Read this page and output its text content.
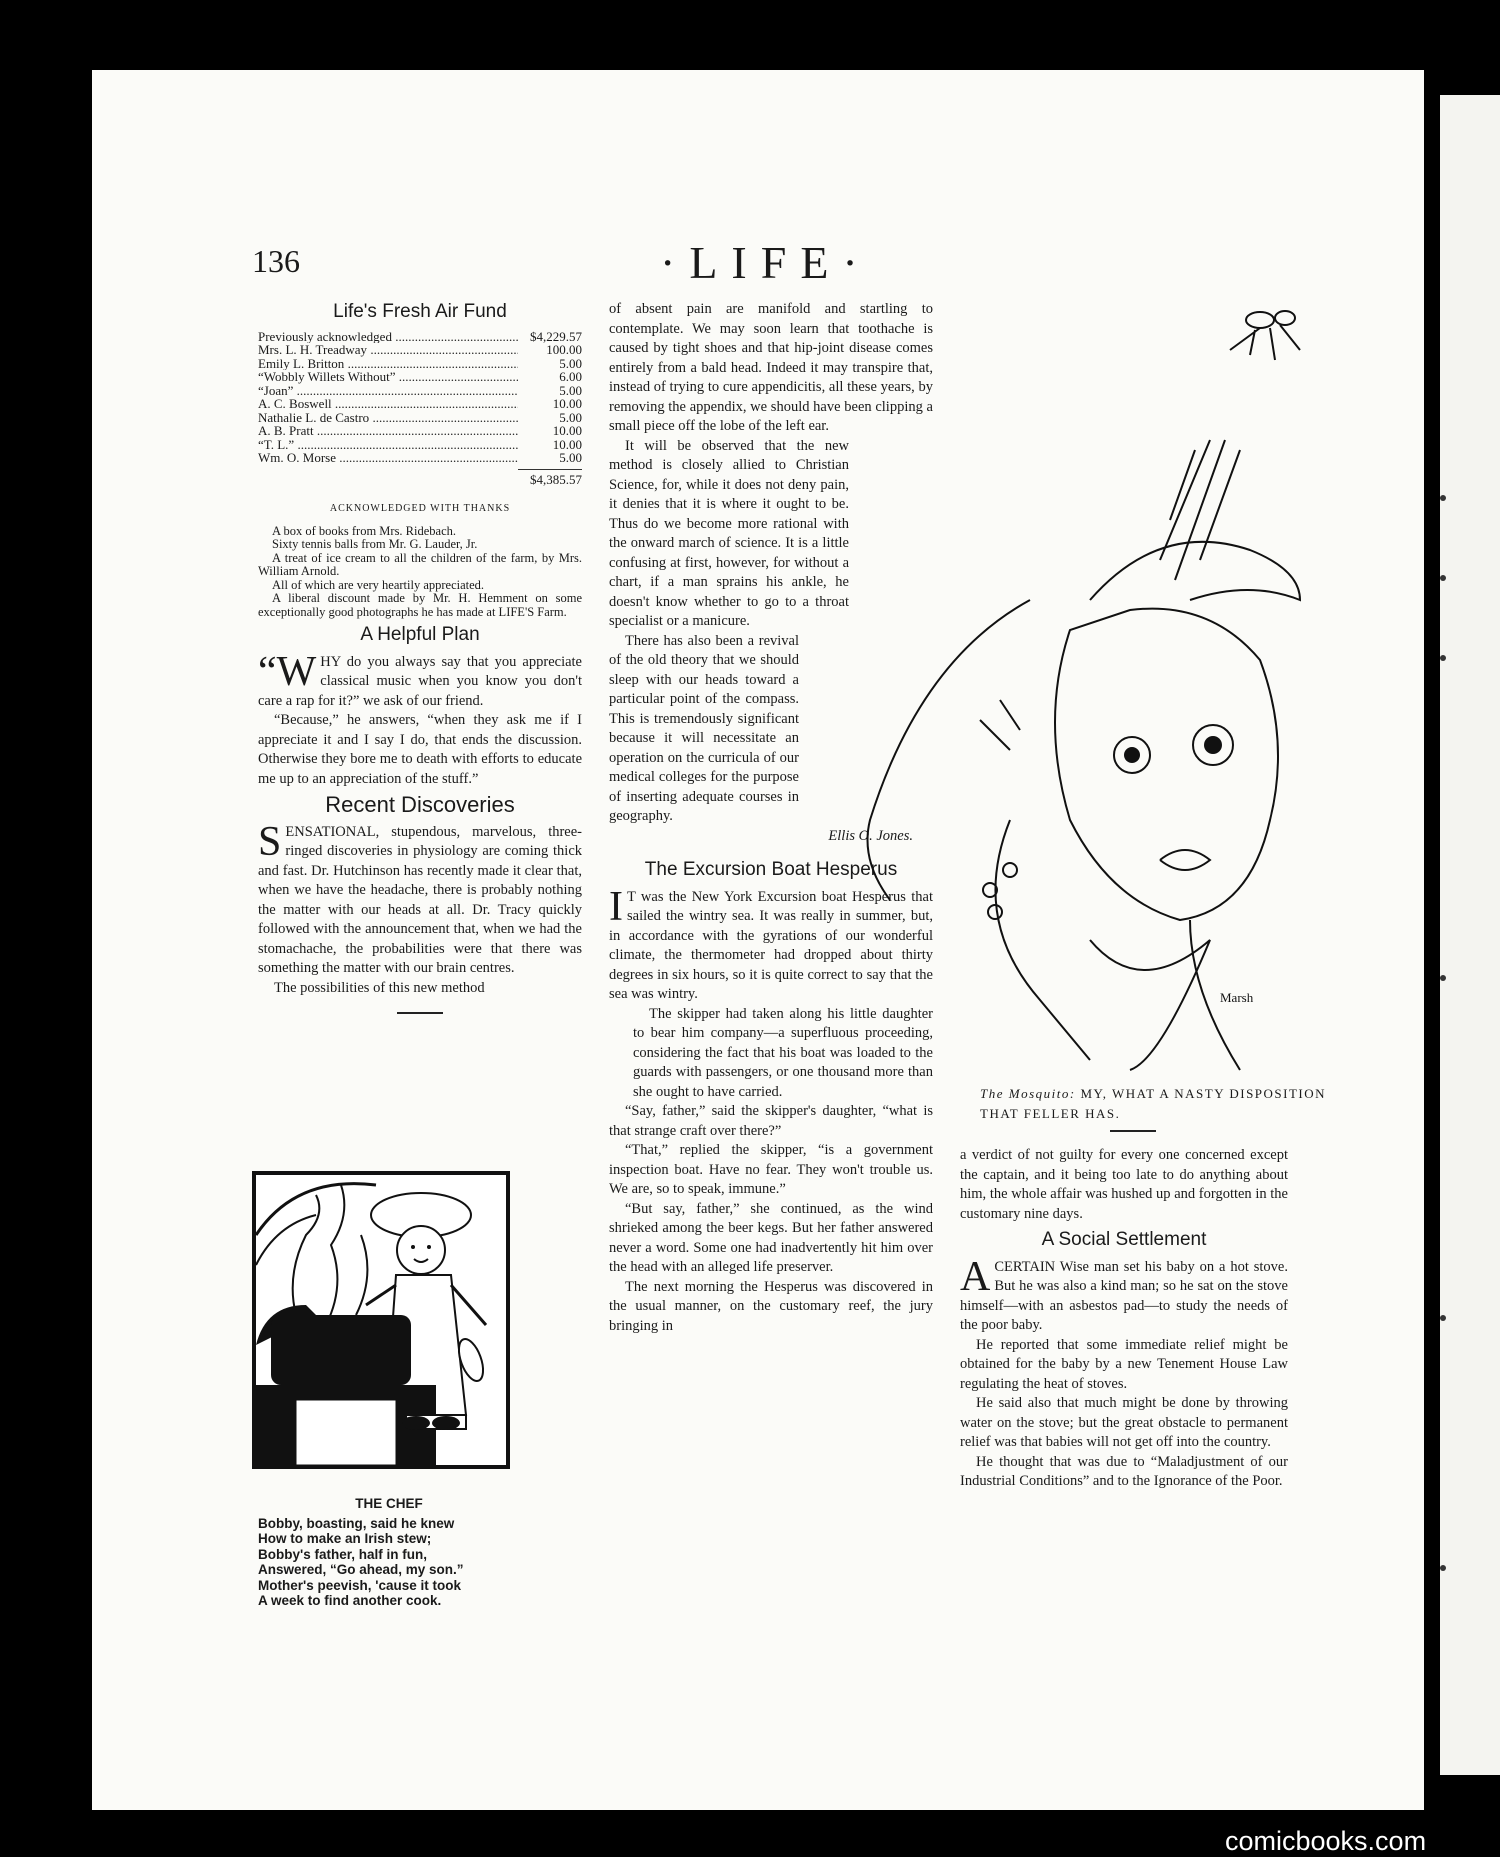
136	·LIFE·
Life's Fresh Air Fund
Previously acknowledged .....	$4,229.57
Mrs. L. H. Treadway .....	100.00
Emily L. Britton .....	5.00
“Wobbly Willets Without” .....	6.00
“Joan” .....	5.00
A. C. Boswell .....	10.00
Nathalie L. de Castro .....	5.00
A. B. Pratt .....	10.00
“T. L.” .....	10.00
Wm. O. Morse .....	5.00
$4,385.57
ACKNOWLEDGED WITH THANKS

A box of books from Mrs. Ridebach.

Sixty tennis balls from Mr. G. Lauder, Jr.

A treat of ice cream to all the children of the farm, by Mrs. William Arnold.

All of which are very heartily appreciated.

A liberal discount made by Mr. H. Hemment on some exceptionally good photographs he has made at LIFE'S Farm.

A Helpful Plan

“WHY do you always say that you appreciate classical music when you know you don't care a rap for it?” we ask of our friend.

“Because,” he answers, “when they ask me if I appreciate it and I say I do, that ends the discussion. Otherwise they bore me to death with efforts to educate me up to an appreciation of the stuff.”

Recent Discoveries

SENSATIONAL, stupendous, marvelous, three-ringed discoveries in physiology are coming thick and fast. Dr. Hutchinson has recently made it clear that, when we have the headache, there is probably nothing the matter with our heads at all. Dr. Tracy quickly followed with the announcement that, when we had the stomachache, the probabilities were that there was something the matter with our brain centres.

The possibilities of this new method

THE CHEF
Bobby, boasting, said he knew
How to make an Irish stew;
Bobby's father, half in fun,
Answered, “Go ahead, my son.”
Mother's peevish, 'cause it took
A week to find another cook.

of absent pain are manifold and startling to contemplate. We may soon learn that toothache is caused by tight shoes and that hip-joint disease comes entirely from a bald head. Indeed it may transpire that, instead of trying to cure appendicitis, all these years, by removing the appendix, we should have been clipping a small piece off the lobe of the left ear.

It will be observed that the new method is closely allied to Christian Science, for, while it does not deny pain, it denies that it is where it ought to be. Thus do we become more rational with the onward march of science. It is a little confusing at first, however, for without a chart, if a man sprains his ankle, he doesn't know whether to go to a throat specialist or a manicure.

There has also been a revival of the old theory that we should sleep with our heads toward a particular point of the compass. This is tremendously significant because it will necessitate an operation on the curricula of our medical colleges for the purpose of inserting adequate courses in geography.

Ellis O. Jones.

The Excursion Boat Hesperus

I T was the New York Excursion boat Hesperus that sailed the wintry sea. It was really in summer, but, in accordance with the gyrations of our wonderful climate, the thermometer had dropped about thirty degrees in six hours, so it is quite correct to say that the sea was wintry.

The skipper had taken along his little daughter to bear him company—a superfluous proceeding, considering the fact that his boat was loaded to the guards with passengers, or one thousand more than she ought to have carried.

“Say, father,” said the skipper's daughter, “what is that strange craft over there?”

“That,” replied the skipper, “is a government inspection boat. Have no fear. They won't trouble us. We are, so to speak, immune.”

“But say, father,” she continued, as the wind shrieked among the beer kegs. But her father answered never a word. Some one had inadvertently hit him over the head with an alleged life preserver.

The next morning the Hesperus was discovered in the usual manner, on the customary reef, the jury bringing in

Marsh
The Mosquito: MY, WHAT A NASTY DISPOSITION THAT FELLER HAS.

a verdict of not guilty for every one concerned except the captain, and it being too late to do anything about him, the whole affair was hushed up and forgotten in the customary nine days.

A Social Settlement

ACERTAIN Wise man set his baby on a hot stove. But he was also a kind man; so he sat on the stove himself—with an asbestos pad—to study the needs of the poor baby.

He reported that some immediate relief might be obtained for the baby by a new Tenement House Law regulating the heat of stoves.

He said also that much might be done by throwing water on the stove; but the great obstacle to permanent relief was that babies will not get off into the country.

He thought that was due to “Maladjustment of our Industrial Conditions” and to the Ignorance of the Poor.

comicbooks.com
